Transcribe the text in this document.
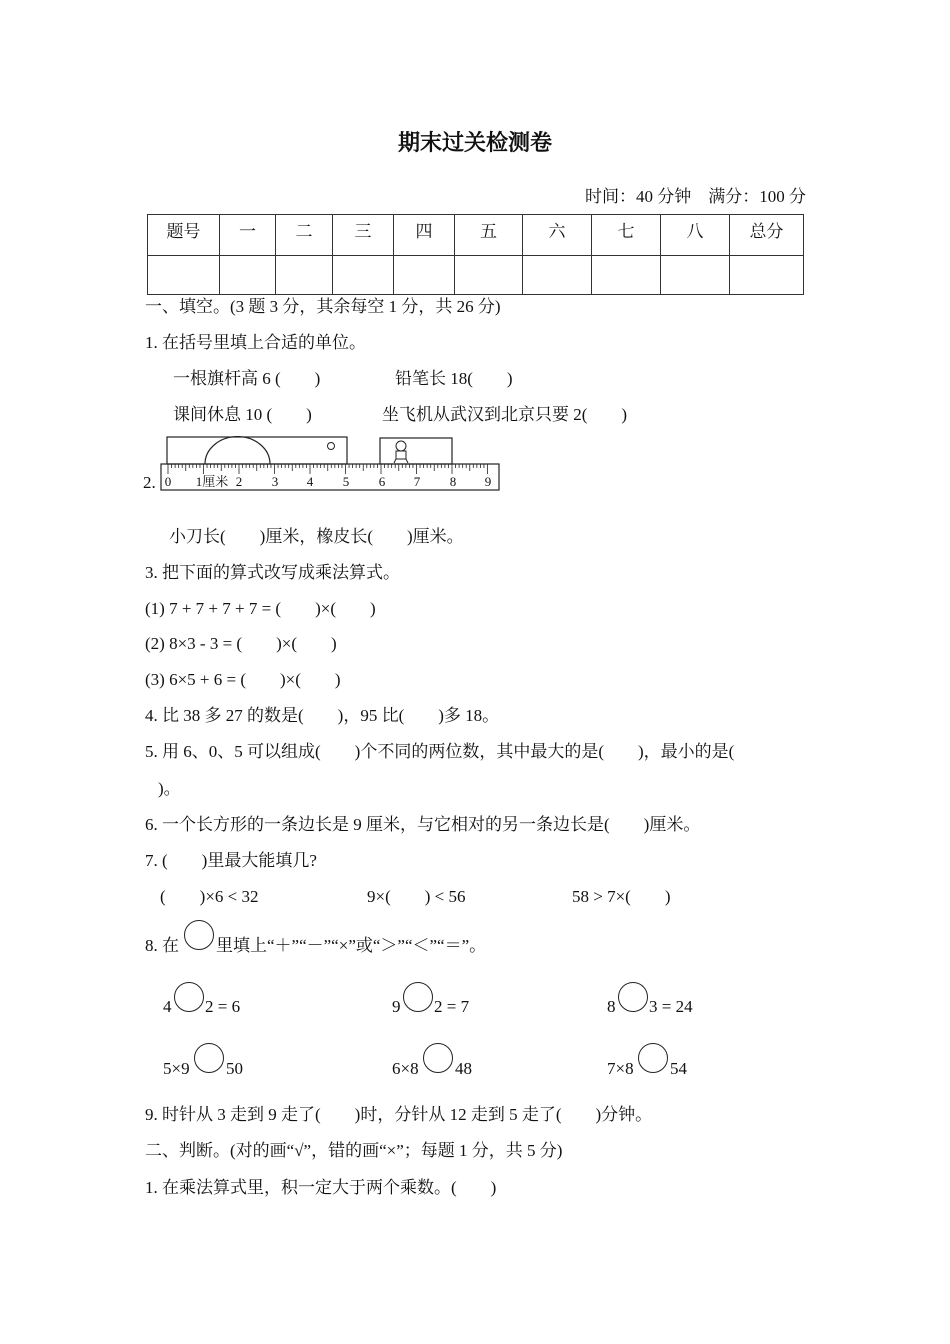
期末过关检测卷
时间：40 分钟　满分：100 分
题号	一	二	三	四	五	六	七	八	总分

一、填空。(3 题 3 分，其余每空 1 分，共 26 分)
1. 在括号里填上合适的单位。
一根旗杆高 6 (　　)	铅笔长 18(　　)
课间休息 10 (　　)	坐飞机从武汉到北京只要 2(　　)
2. 0 1厘米 2 3 4 5 6 7 8 9
小刀长(　　)厘米，橡皮长(　　)厘米。
3. 把下面的算式改写成乘法算式。
(1) 7 + 7 + 7 + 7 = (　　)×(　　)
(2) 8×3 - 3 = (　　)×(　　)
(3) 6×5 + 6 = (　　)×(　　)
4. 比 38 多 27 的数是(　　)，95 比(　　)多 18。
5. 用 6、0、5 可以组成(　　)个不同的两位数，其中最大的是(　　)，最小的是(
)。
6. 一个长方形的一条边长是 9 厘米，与它相对的另一条边长是(　　)厘米。
7. (　　)里最大能填几?
(　　)×6 < 32	9×(　　) < 56	58 > 7×(　　)
8. 在 里填上“＋”“－”“×”或“＞”“＜”“＝”。
4 2 = 6	9 2 = 7	8 3 = 24
5×9 50	6×8 48	7×8 54
9. 时针从 3 走到 9 走了(　　)时，分针从 12 走到 5 走了(　　)分钟。
二、判断。(对的画“√”，错的画“×”；每题 1 分，共 5 分)
1. 在乘法算式里，积一定大于两个乘数。(　　)
